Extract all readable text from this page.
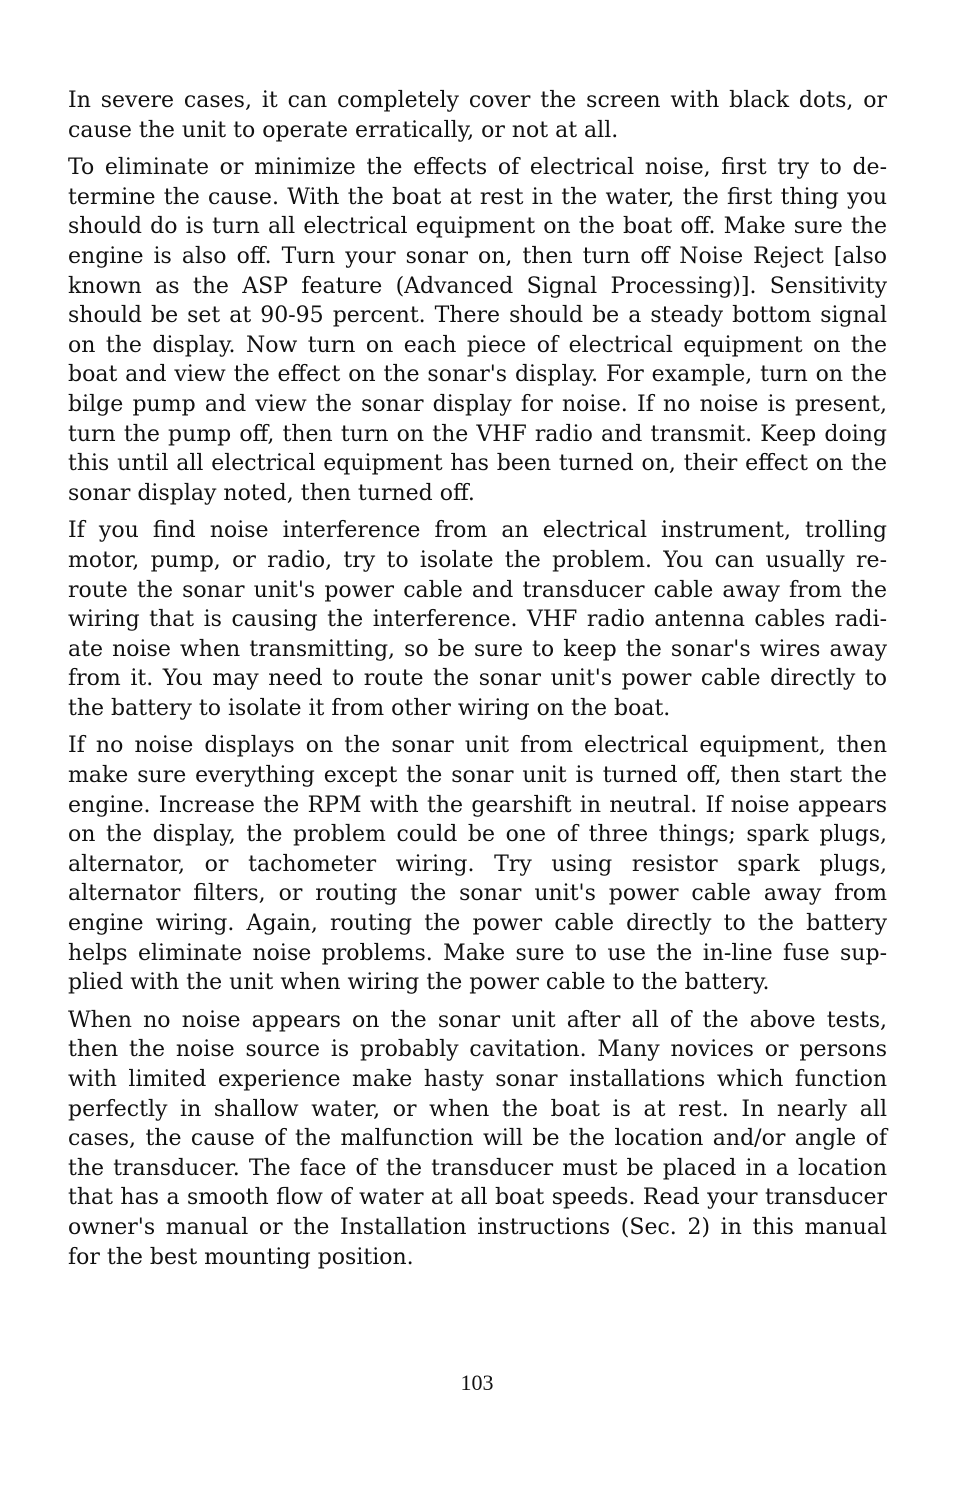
In severe cases, it can completely cover the screen with black dots, or cause the unit to operate erratically, or not at all.

To eliminate or minimize the effects of electrical noise, first try to determine the cause. With the boat at rest in the water, the first thing you should do is turn all electrical equipment on the boat off. Make sure the engine is also off. Turn your sonar on, then turn off Noise Reject [also known as the ASP feature (Advanced Signal Processing)]. Sensitivity should be set at 90-95 percent. There should be a steady bottom signal on the display. Now turn on each piece of electrical equipment on the boat and view the effect on the sonar's display. For example, turn on the bilge pump and view the sonar display for noise. If no noise is present, turn the pump off, then turn on the VHF radio and transmit. Keep doing this until all electrical equipment has been turned on, their effect on the sonar display noted, then turned off.

If you find noise interference from an electrical instrument, trolling motor, pump, or radio, try to isolate the problem. You can usually reroute the sonar unit's power cable and transducer cable away from the wiring that is causing the interference. VHF radio antenna cables radiate noise when transmitting, so be sure to keep the sonar's wires away from it. You may need to route the sonar unit's power cable directly to the battery to isolate it from other wiring on the boat.

If no noise displays on the sonar unit from electrical equipment, then make sure everything except the sonar unit is turned off, then start the engine. Increase the RPM with the gearshift in neutral. If noise appears on the display, the problem could be one of three things; spark plugs, alternator, or tachometer wiring. Try using resistor spark plugs, alternator filters, or routing the sonar unit's power cable away from engine wiring. Again, routing the power cable directly to the battery helps eliminate noise problems. Make sure to use the in-line fuse supplied with the unit when wiring the power cable to the battery.

When no noise appears on the sonar unit after all of the above tests, then the noise source is probably cavitation. Many novices or persons with limited experience make hasty sonar installations which function perfectly in shallow water, or when the boat is at rest. In nearly all cases, the cause of the malfunction will be the location and/or angle of the transducer. The face of the transducer must be placed in a location that has a smooth flow of water at all boat speeds. Read your transducer owner's manual or the Installation instructions (Sec. 2) in this manual for the best mounting position.

103
